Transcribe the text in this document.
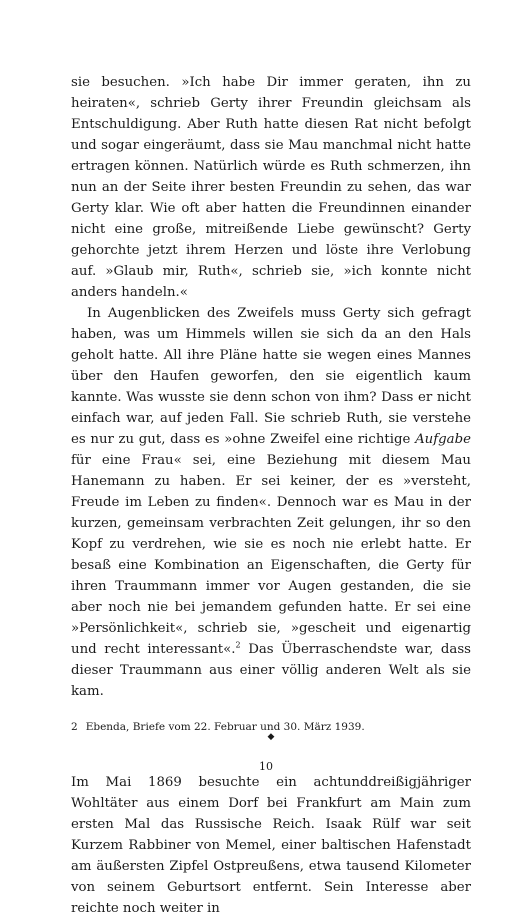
sie besuchen. »Ich habe Dir immer geraten, ihn zu heiraten«, schrieb Gerty ihrer Freundin gleichsam als Entschuldigung. Aber Ruth hatte diesen Rat nicht befolgt und sogar eingeräumt, dass sie Mau manchmal nicht hatte ertragen können. Natürlich würde es Ruth schmerzen, ihn nun an der Seite ihrer besten Freundin zu sehen, das war Gerty klar. Wie oft aber hatten die Freundinnen einander nicht eine große, mitreißende Liebe gewünscht? Gerty gehorchte jetzt ihrem Herzen und löste ihre Verlobung auf. »Glaub mir, Ruth«, schrieb sie, »ich konnte nicht anders handeln.«

In Augenblicken des Zweifels muss Gerty sich gefragt haben, was um Himmels willen sie sich da an den Hals geholt hatte. All ihre Pläne hatte sie wegen eines Mannes über den Haufen geworfen, den sie eigentlich kaum kannte. Was wusste sie denn schon von ihm? Dass er nicht einfach war, auf jeden Fall. Sie schrieb Ruth, sie verstehe es nur zu gut, dass es »ohne Zweifel eine richtige Aufgabe für eine Frau« sei, eine Beziehung mit diesem Mau Hanemann zu haben. Er sei keiner, der es »versteht, Freude im Leben zu finden«. Dennoch war es Mau in der kurzen, gemeinsam verbrachten Zeit gelungen, ihr so den Kopf zu verdrehen, wie sie es noch nie erlebt hatte. Er besaß eine Kombination an Eigenschaften, die Gerty für ihren Traummann immer vor Augen gestanden, die sie aber noch nie bei jemandem gefunden hatte. Er sei eine »Persönlichkeit«, schrieb sie, »gescheit und eigenartig und recht interessant«.$^2$ Das Überraschendste war, dass dieser Traummann aus einer völlig anderen Welt als sie kam.

◆

Im Mai 1869 besuchte ein achtunddreißigjähriger Wohltäter aus einem Dorf bei Frankfurt am Main zum ersten Mal das Russische Reich. Isaak Rülf war seit Kurzem Rabbiner von Memel, einer baltischen Hafenstadt am äußersten Zipfel Ostpreußens, etwa tausend Kilometer von seinem Geburtsort entfernt. Sein Interesse aber reichte noch weiter in

2 Ebenda, Briefe vom 22. Februar und 30. März 1939.
10
